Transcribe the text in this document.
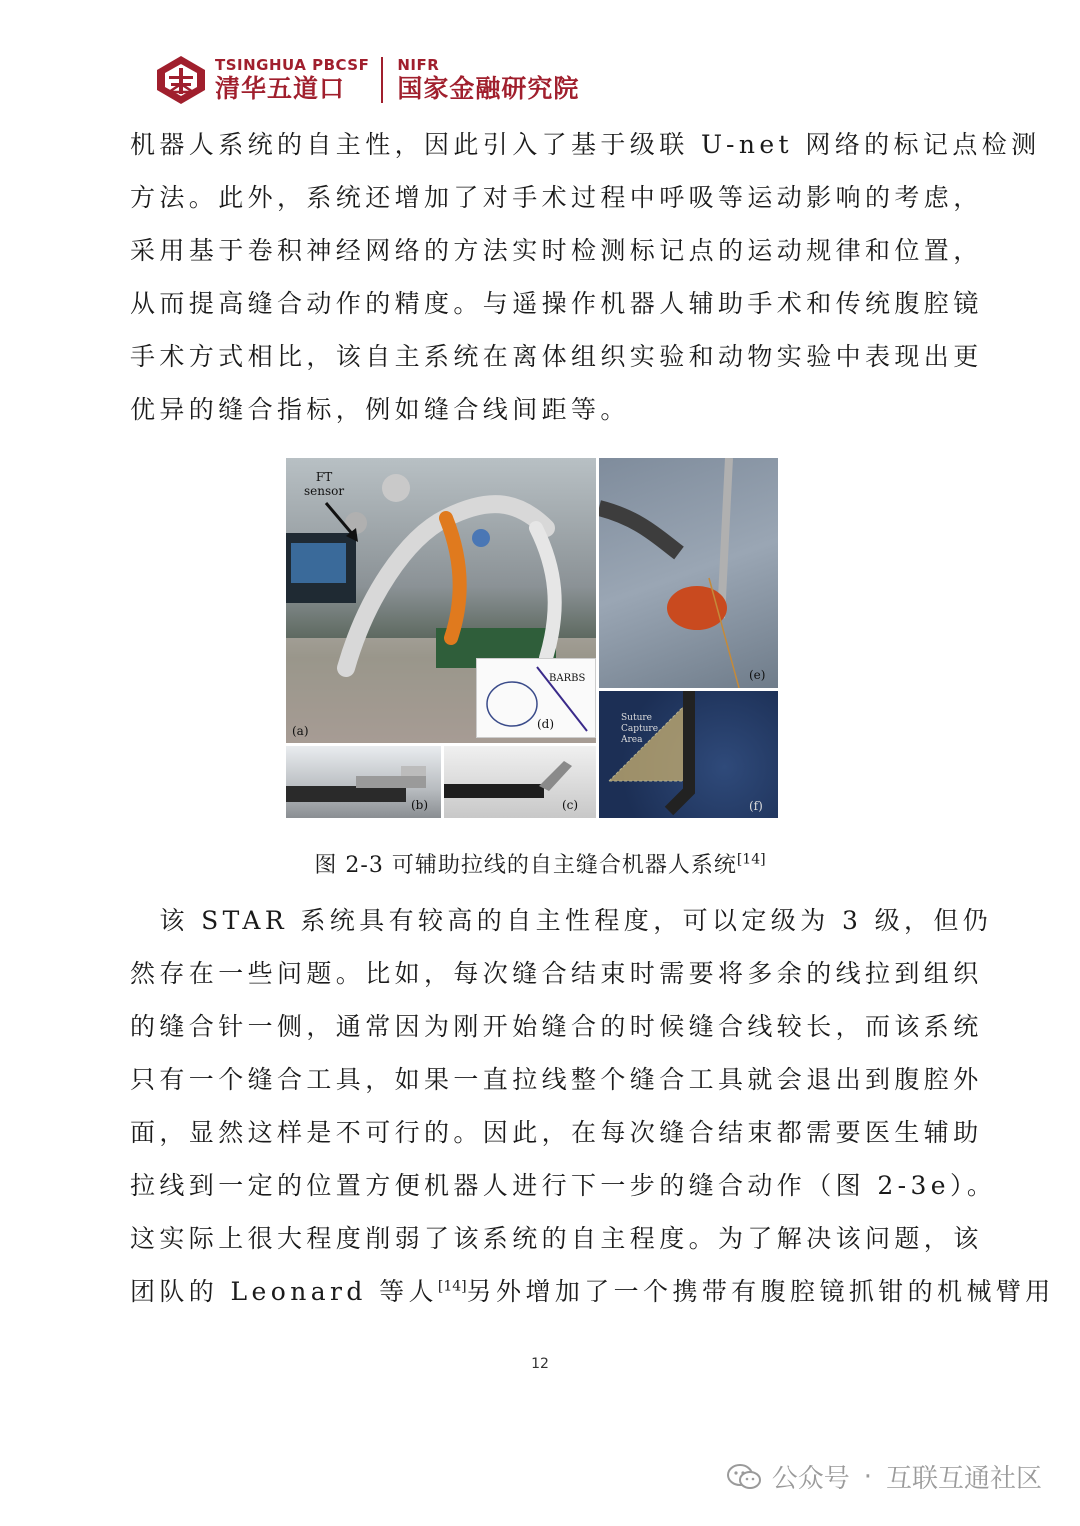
TSINGHUA PBCSF
清华五道口
NIFR
国家金融研究院
机器人系统的自主性，因此引入了基于级联 U-net 网络的标记点检测
方法。此外，系统还增加了对手术过程中呼吸等运动影响的考虑，
采用基于卷积神经网络的方法实时检测标记点的运动规律和位置，
从而提高缝合动作的精度。与遥操作机器人辅助手术和传统腹腔镜
手术方式相比，该自主系统在离体组织实验和动物实验中表现出更
优异的缝合指标，例如缝合线间距等。
FT
sensor
(a)
BARBS
(d)
(b)	(c)
(e)
Suture
Capture
Area
(f)
图 2-3 可辅助拉线的自主缝合机器人系统[14]
　该 STAR 系统具有较高的自主性程度，可以定级为 3 级，但仍
然存在一些问题。比如，每次缝合结束时需要将多余的线拉到组织
的缝合针一侧，通常因为刚开始缝合的时候缝合线较长，而该系统
只有一个缝合工具，如果一直拉线整个缝合工具就会退出到腹腔外
面，显然这样是不可行的。因此，在每次缝合结束都需要医生辅助
拉线到一定的位置方便机器人进行下一步的缝合动作（图 2-3e）。
这实际上很大程度削弱了该系统的自主程度。为了解决该问题，该
团队的 Leonard 等人[14]另外增加了一个携带有腹腔镜抓钳的机械臂用
12
公众号 · 互联互通社区
